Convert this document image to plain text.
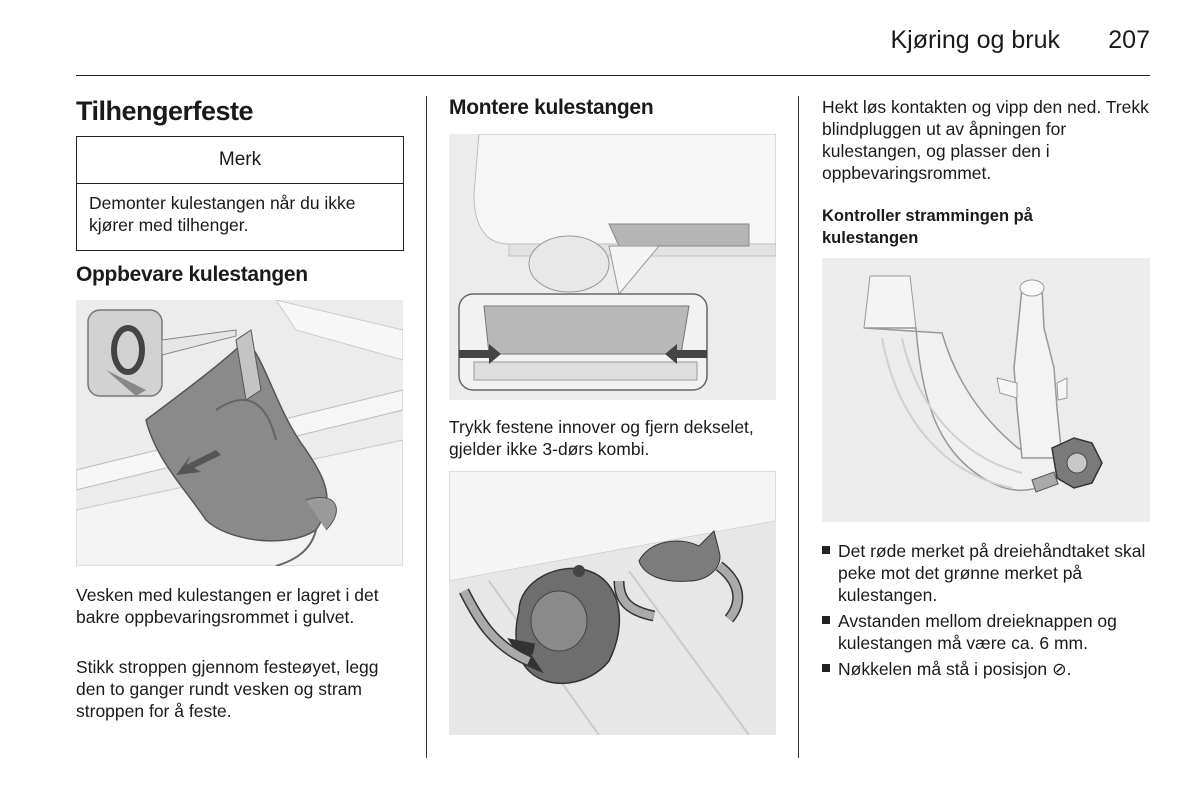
Kjøring og bruk 207
Tilhengerfeste
Merk
Demonter kulestangen når du ikke kjører med tilhenger.
Oppbevare kulestangen
Vesken med kulestangen er lagret i det bakre oppbevaringsrommet i gulvet.
Stikk stroppen gjennom festeøyet, legg den to ganger rundt vesken og stram stroppen for å feste.
Montere kulestangen
Trykk festene innover og fjern dekselet, gjelder ikke 3-dørs kombi.
Hekt løs kontakten og vipp den ned. Trekk blindpluggen ut av åpningen for kulestangen, og plasser den i oppbevaringsrommet.
Kontroller strammingen på kulestangen
Det røde merket på dreiehåndtaket skal peke mot det grønne merket på kulestangen.
Avstanden mellom dreieknappen og kulestangen må være ca. 6 mm.
Nøkkelen må stå i posisjon ⊘.
